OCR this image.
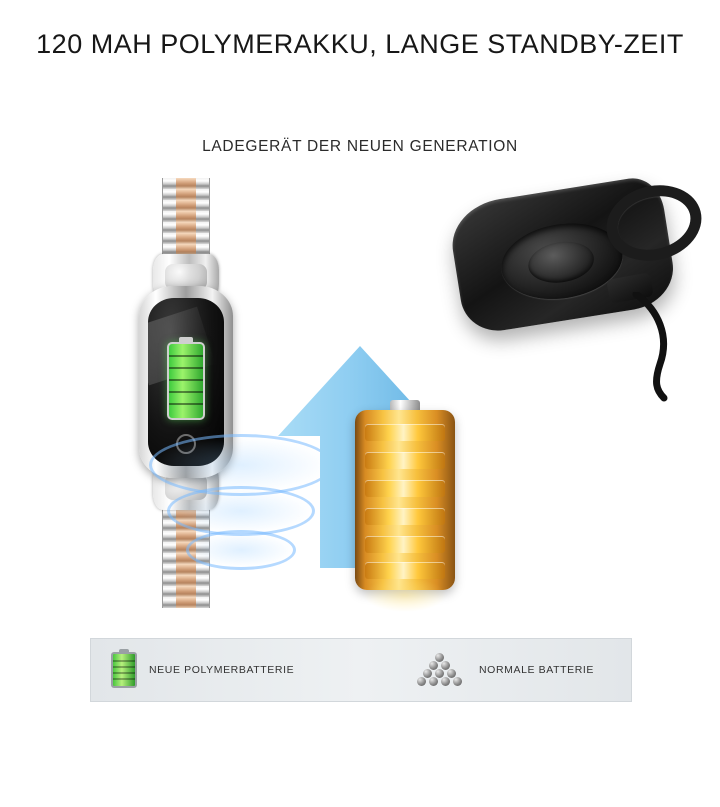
120 MAH POLYMERAKKU, LANGE STANDBY-ZEIT
LADEGERÄT DER NEUEN GENERATION
NEUE POLYMERBATTERIE	NORMALE BATTERIE
